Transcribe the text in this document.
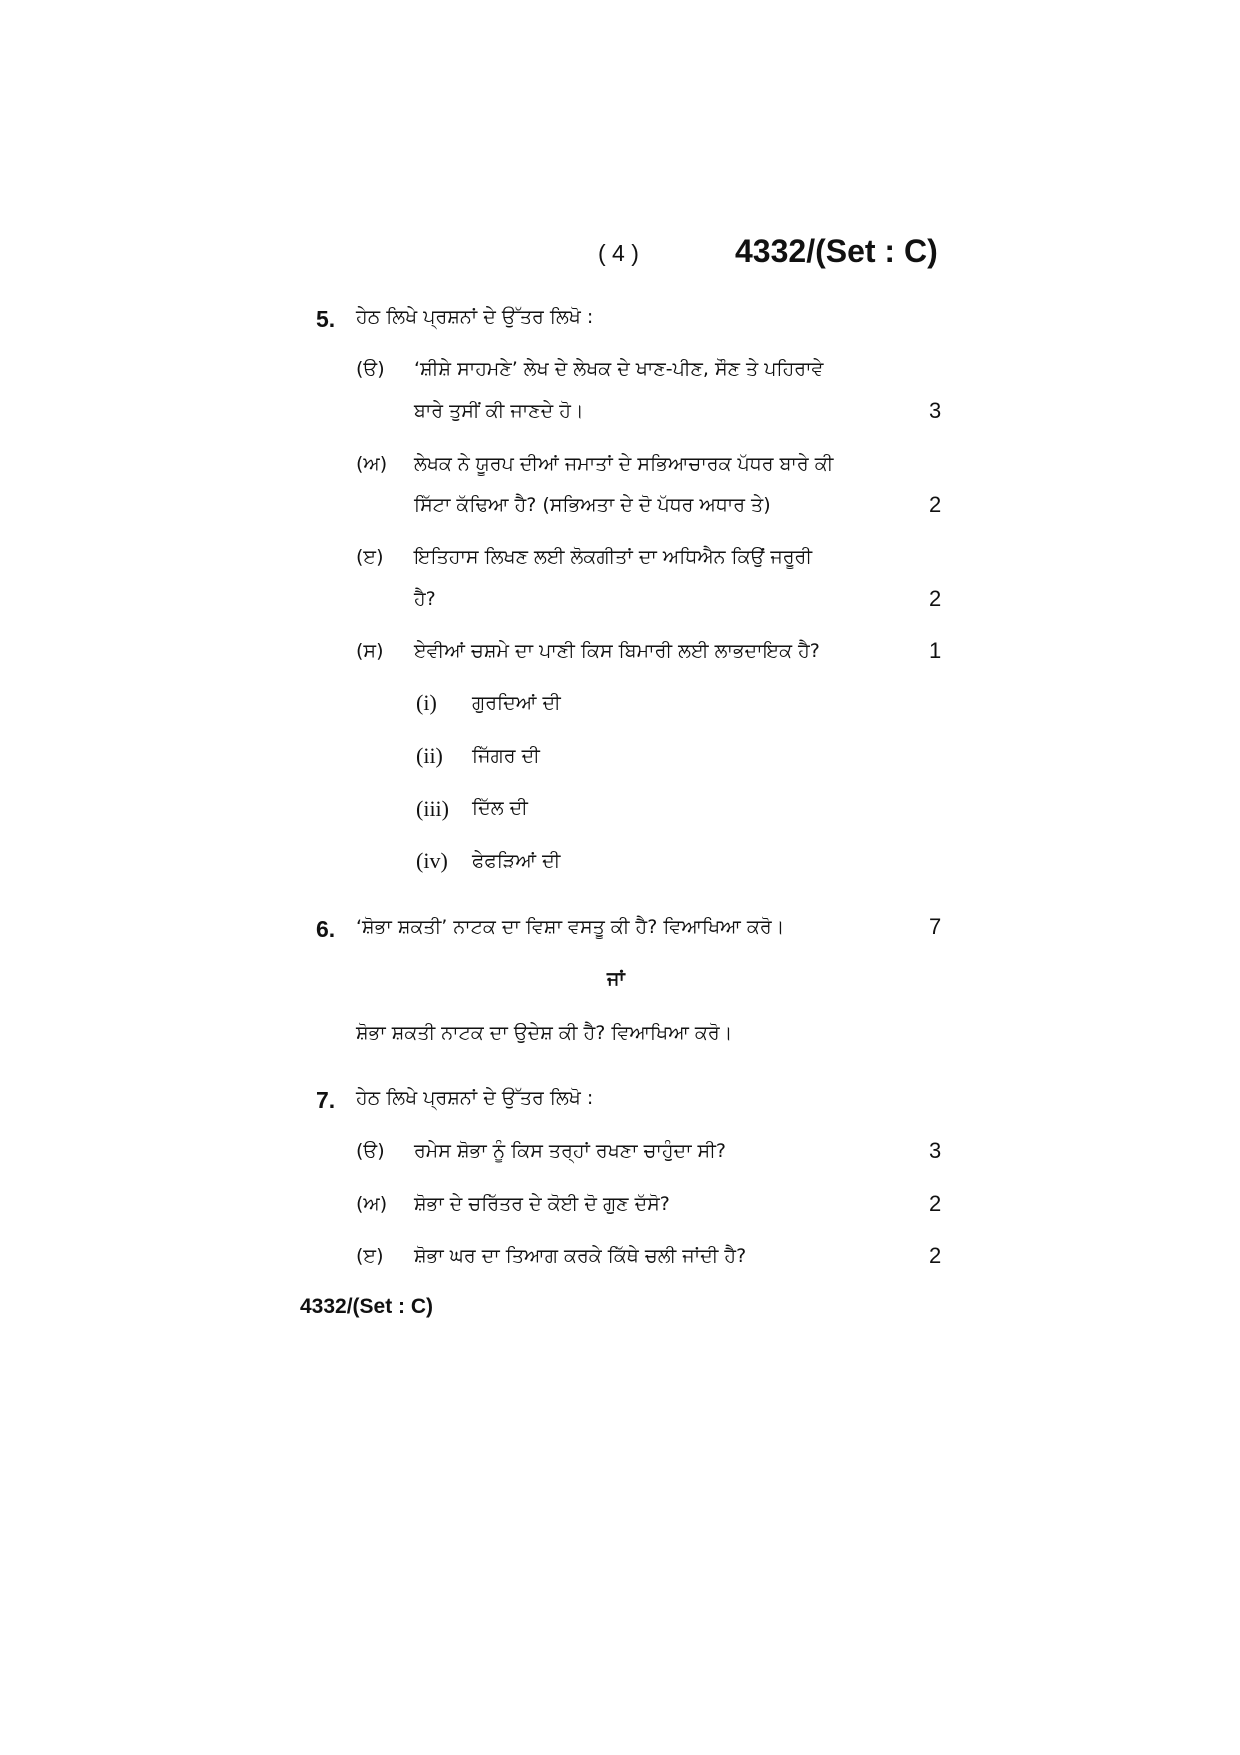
( 4 )	4332/(Set : C)
5. ਹੇਠ ਲਿਖੇ ਪ੍ਰਸ਼ਨਾਂ ਦੇ ਉੱਤਰ ਲਿਖੋ :
(ੳ) ‘ਸ਼ੀਸ਼ੇ ਸਾਹਮਣੇ’ ਲੇਖ ਦੇ ਲੇਖਕ ਦੇ ਖਾਣ-ਪੀਣ, ਸੌਣ ਤੇ ਪਹਿਰਾਵੇ
ਬਾਰੇ ਤੁਸੀਂ ਕੀ ਜਾਣਦੇ ਹੋ।	3
(ਅ) ਲੇਖਕ ਨੇ ਯੂਰਪ ਦੀਆਂ ਜਮਾਤਾਂ ਦੇ ਸਭਿਆਚਾਰਕ ਪੱਧਰ ਬਾਰੇ ਕੀ
ਸਿੱਟਾ ਕੱਢਿਆ ਹੈ? (ਸਭਿਅਤਾ ਦੇ ਦੋ ਪੱਧਰ ਅਧਾਰ ਤੇ)	2
(ੲ) ਇਤਿਹਾਸ ਲਿਖਣ ਲਈ ਲੋਕਗੀਤਾਂ ਦਾ ਅਧਿਐਨ ਕਿਉਂ ਜਰੂਰੀ
ਹੈ?	2
(ਸ) ਏਵੀਆਂ ਚਸ਼ਮੇ ਦਾ ਪਾਣੀ ਕਿਸ ਬਿਮਾਰੀ ਲਈ ਲਾਭਦਾਇਕ ਹੈ?	1
(i) ਗੁਰਦਿਆਂ ਦੀ
(ii) ਜਿੱਗਰ ਦੀ
(iii) ਦਿੱਲ ਦੀ
(iv) ਫੇਫੜਿਆਂ ਦੀ
6. ‘ਸ਼ੋਭਾ ਸ਼ਕਤੀ’ ਨਾਟਕ ਦਾ ਵਿਸ਼ਾ ਵਸਤੂ ਕੀ ਹੈ? ਵਿਆਖਿਆ ਕਰੋ।	7
ਜਾਂ
ਸ਼ੋਭਾ ਸ਼ਕਤੀ ਨਾਟਕ ਦਾ ਉਦੇਸ਼ ਕੀ ਹੈ? ਵਿਆਖਿਆ ਕਰੋ।
7. ਹੇਠ ਲਿਖੇ ਪ੍ਰਸ਼ਨਾਂ ਦੇ ਉੱਤਰ ਲਿਖੋ :
(ੳ) ਰਮੇਸ ਸ਼ੋਭਾ ਨੂੰ ਕਿਸ ਤਰ੍ਹਾਂ ਰਖਣਾ ਚਾਹੁੰਦਾ ਸੀ?	3
(ਅ) ਸ਼ੋਭਾ ਦੇ ਚਰਿੱਤਰ ਦੇ ਕੋਈ ਦੋ ਗੁਣ ਦੱਸੋ?	2
(ੲ) ਸ਼ੋਭਾ ਘਰ ਦਾ ਤਿਆਗ ਕਰਕੇ ਕਿੱਥੇ ਚਲੀ ਜਾਂਦੀ ਹੈ?	2
4332/(Set : C)
